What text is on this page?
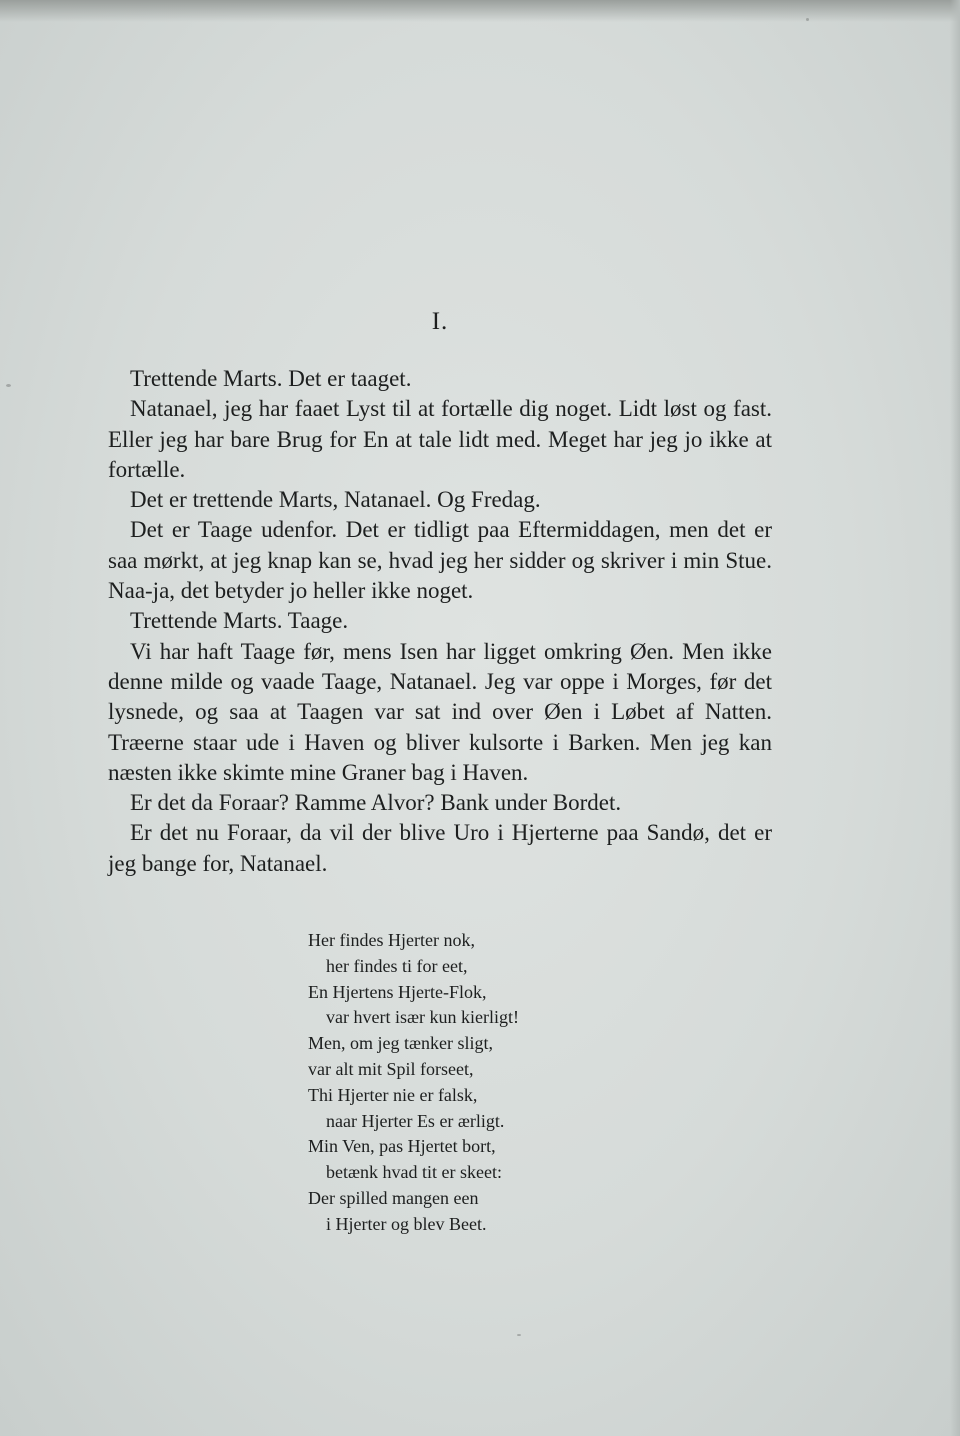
I.

Trettende Marts. Det er taaget.

Natanael, jeg har faaet Lyst til at fortælle dig noget. Lidt løst og fast. Eller jeg har bare Brug for En at tale lidt med. Meget har jeg jo ikke at fortælle.

Det er trettende Marts, Natanael. Og Fredag.

Det er Taage udenfor. Det er tidligt paa Eftermiddagen, men det er saa mørkt, at jeg knap kan se, hvad jeg her sidder og skriver i min Stue. Naa-ja, det betyder jo heller ikke noget.

Trettende Marts. Taage.

Vi har haft Taage før, mens Isen har ligget omkring Øen. Men ikke denne milde og vaade Taage, Natanael. Jeg var oppe i Morges, før det lysnede, og saa at Taagen var sat ind over Øen i Løbet af Natten. Træerne staar ude i Haven og bliver kulsorte i Barken. Men jeg kan næsten ikke skimte mine Graner bag i Haven.

Er det da Foraar? Ramme Alvor? Bank under Bordet.

Er det nu Foraar, da vil der blive Uro i Hjerterne paa Sandø, det er jeg bange for, Natanael.

Her findes Hjerter nok,
her findes ti for eet,
En Hjertens Hjerte-Flok,
var hvert især kun kierligt!
Men, om jeg tænker sligt,
var alt mit Spil forseet,
Thi Hjerter nie er falsk,
naar Hjerter Es er ærligt.
Min Ven, pas Hjertet bort,
betænk hvad tit er skeet:
Der spilled mangen een
i Hjerter og blev Beet.
